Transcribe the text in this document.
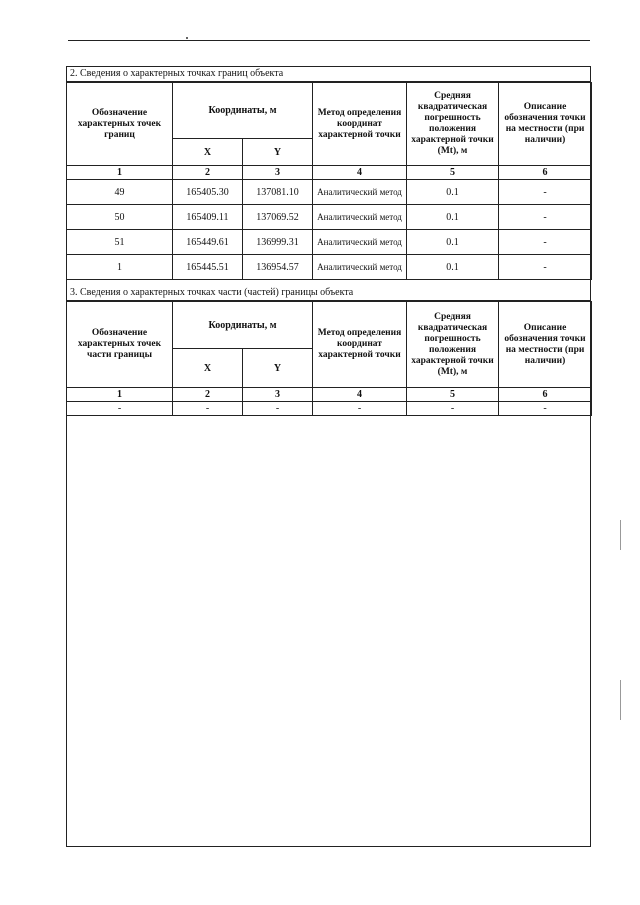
2. Сведения о характерных точках границ объекта
Обозначение характерных точек границ	Координаты, м		Метод определения координат характерной точки	Средняя квадратическая погрешность положения характерной точки (Mt), м	Описание обозначения точки на местности (при наличии)
	X	Y			
1	2	3	4	5	6
49	165405.30	137081.10	Аналитический метод	0.1	-
50	165409.11	137069.52	Аналитический метод	0.1	-
51	165449.61	136999.31	Аналитический метод	0.1	-
1	165445.51	136954.57	Аналитический метод	0.1	-
3. Сведения о характерных точках части (частей) границы объекта
Обозначение характерных точек части границы	Координаты, м		Метод определения координат характерной точки	Средняя квадратическая погрешность положения характерной точки (Mt), м	Описание обозначения точки на местности (при наличии)
	X	Y			
1	2	3	4	5	6
-	-	-	-	-	-
